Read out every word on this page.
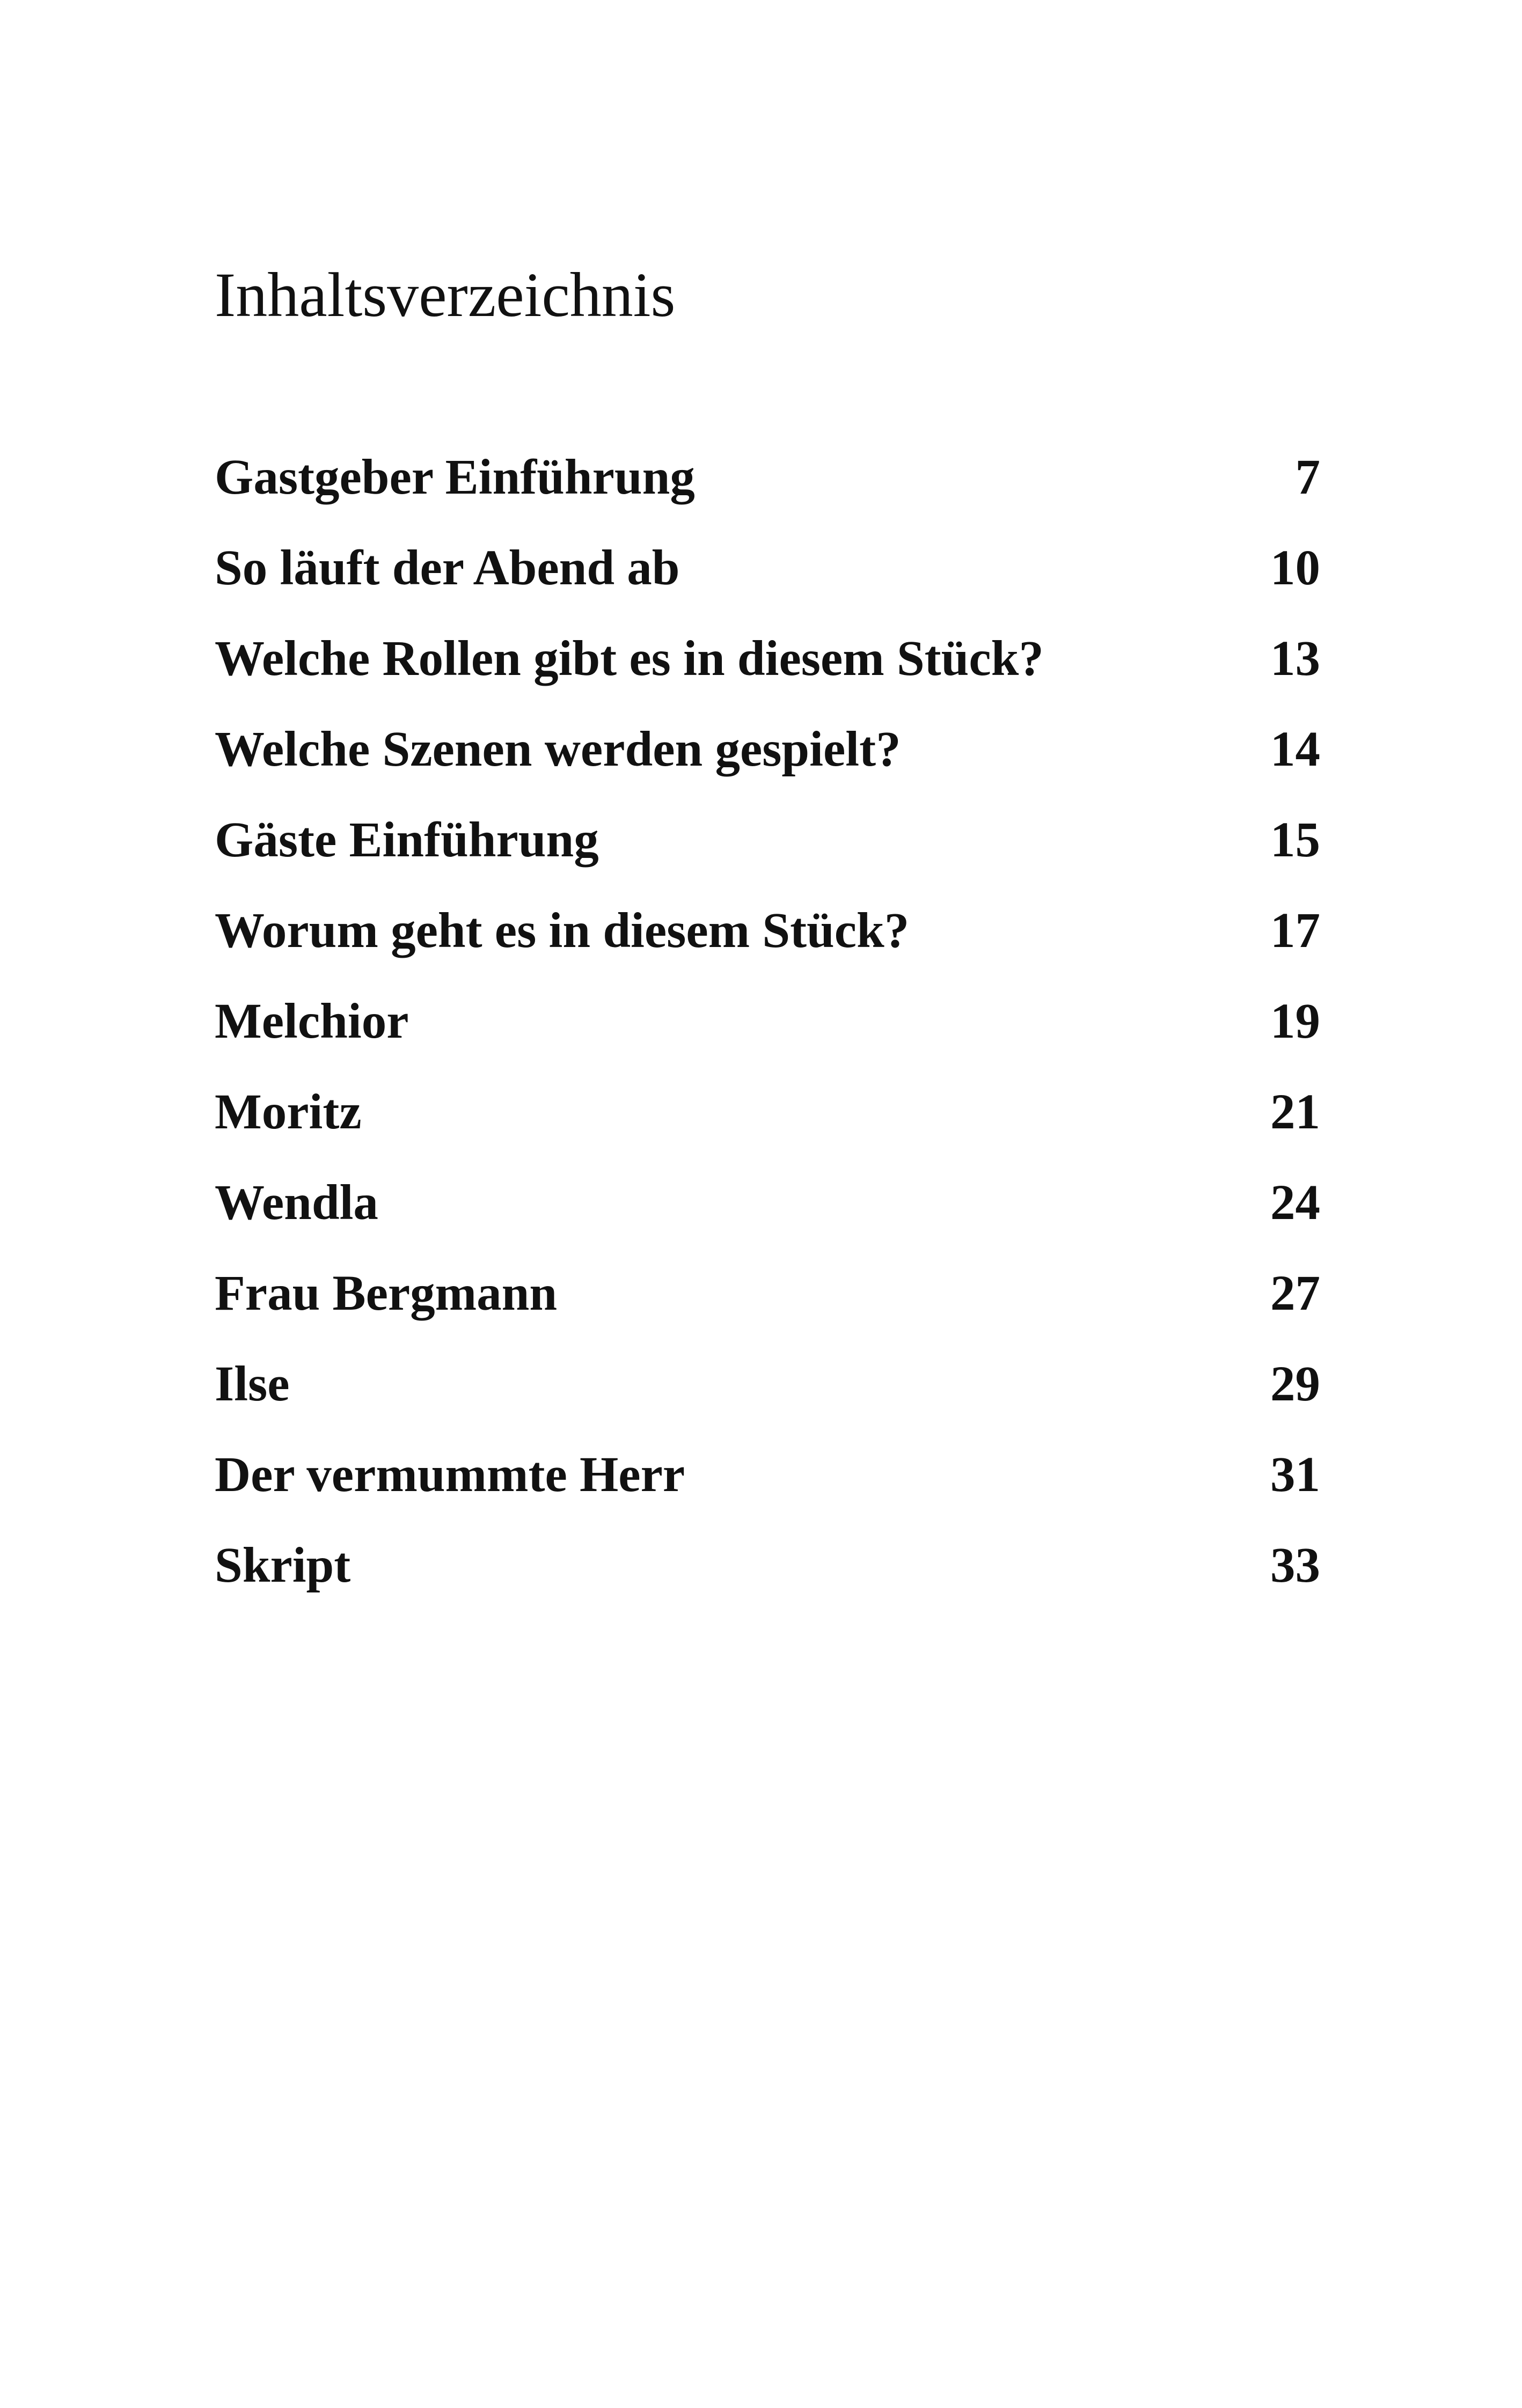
Inhaltsverzeichnis
Gastgeber Einführung	7
So läuft der Abend ab	10
Welche Rollen gibt es in diesem Stück?	13
Welche Szenen werden gespielt?	14
Gäste Einführung	15
Worum geht es in diesem Stück?	17
Melchior	19
Moritz	21
Wendla	24
Frau Bergmann	27
Ilse	29
Der vermummte Herr	31
Skript	33
